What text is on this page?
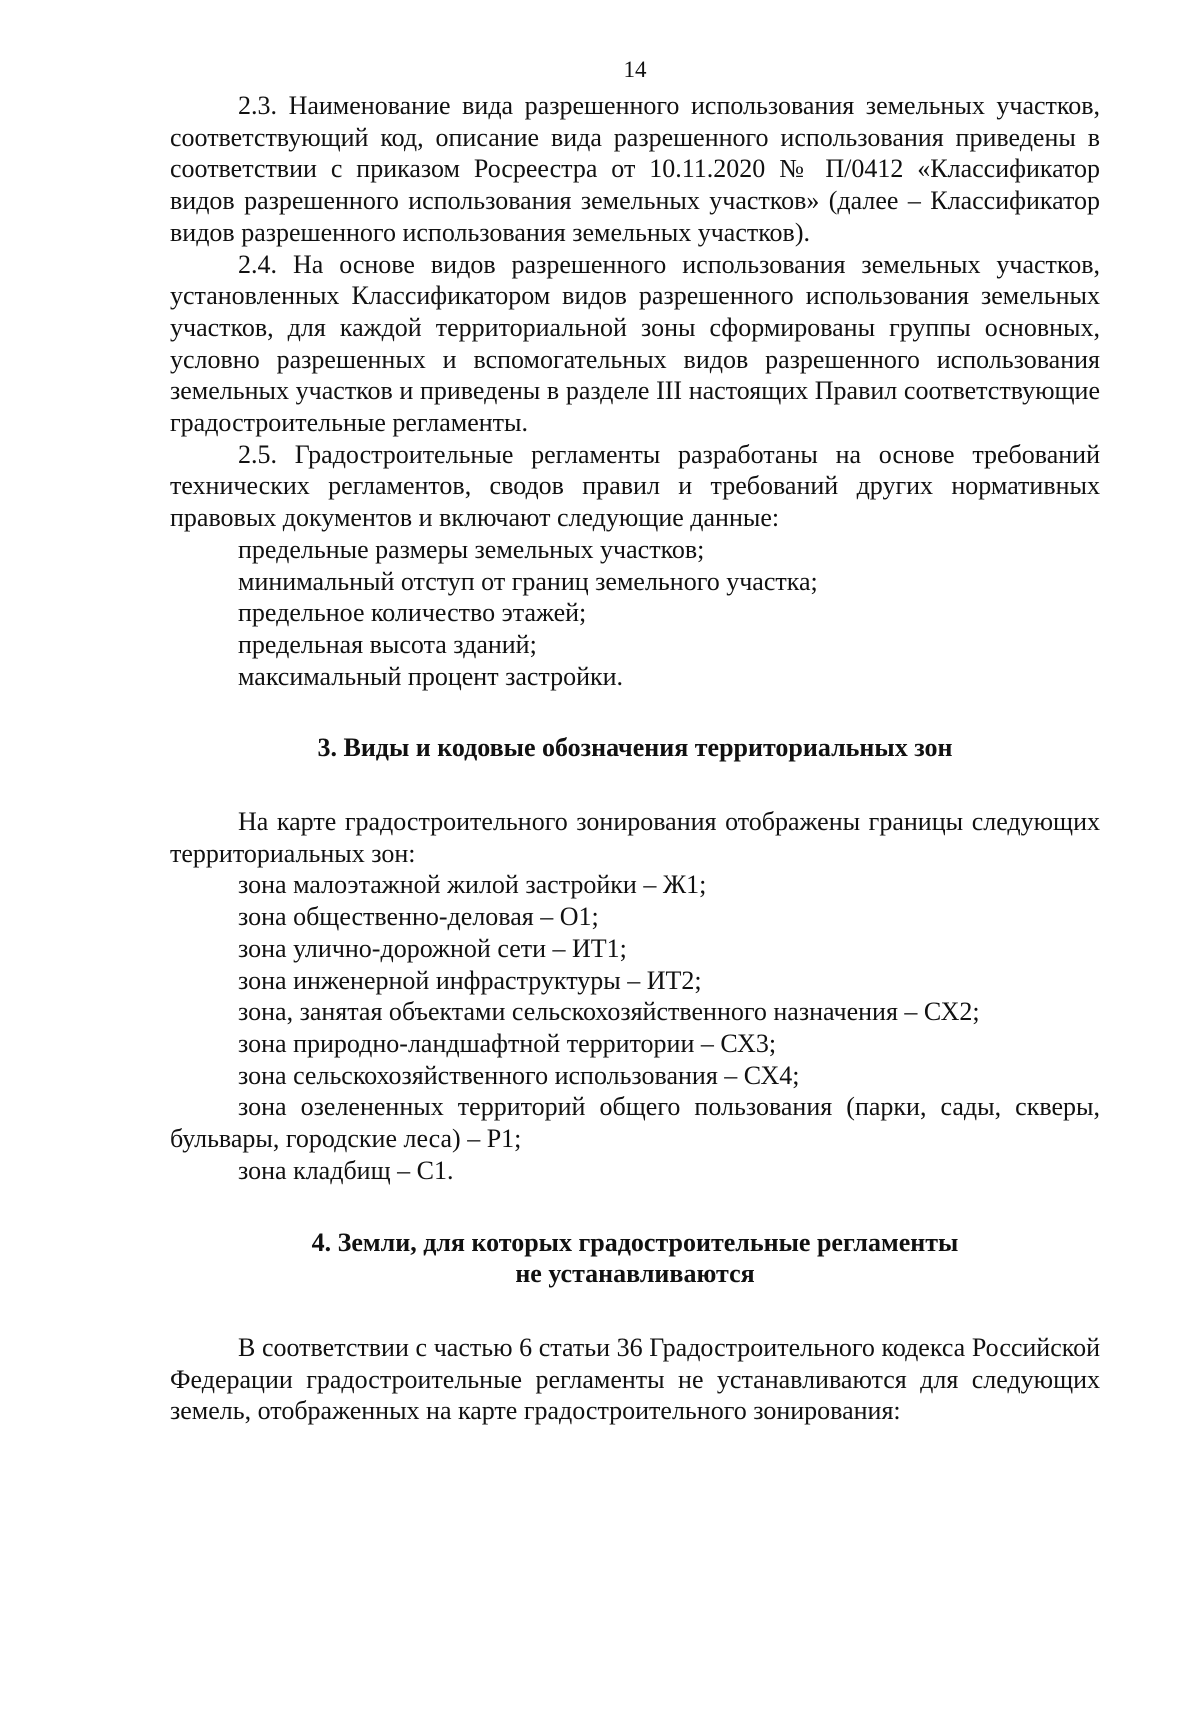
14

2.3. Наименование вида разрешенного использования земельных участков, соответствующий код, описание вида разрешенного использования приведены в соответствии с приказом Росреестра от 10.11.2020 № П/0412 «Классификатор видов разрешенного использования земельных участков» (далее – Классификатор видов разрешенного использования земельных участков).

2.4. На основе видов разрешенного использования земельных участков, установленных Классификатором видов разрешенного использования земельных участков, для каждой территориальной зоны сформированы группы основных, условно разрешенных и вспомогательных видов разрешенного использования земельных участков и приведены в разделе III настоящих Правил соответствующие градостроительные регламенты.

2.5. Градостроительные регламенты разработаны на основе требований технических регламентов, сводов правил и требований других нормативных правовых документов и включают следующие данные:

предельные размеры земельных участков;

минимальный отступ от границ земельного участка;

предельное количество этажей;

предельная высота зданий;

максимальный процент застройки.

3. Виды и кодовые обозначения территориальных зон

На карте градостроительного зонирования отображены границы следующих территориальных зон:

зона малоэтажной жилой застройки – Ж1;

зона общественно-деловая – О1;

зона улично-дорожной сети – ИТ1;

зона инженерной инфраструктуры – ИТ2;

зона, занятая объектами сельскохозяйственного назначения – СХ2;

зона природно-ландшафтной территории – СХ3;

зона сельскохозяйственного использования – СХ4;

зона озелененных территорий общего пользования (парки, сады, скверы, бульвары, городские леса) – Р1;

зона кладбищ – С1.

4. Земли, для которых градостроительные регламенты
не устанавливаются

В соответствии с частью 6 статьи 36 Градостроительного кодекса Российской Федерации градостроительные регламенты не устанавливаются для следующих земель, отображенных на карте градостроительного зонирования:
